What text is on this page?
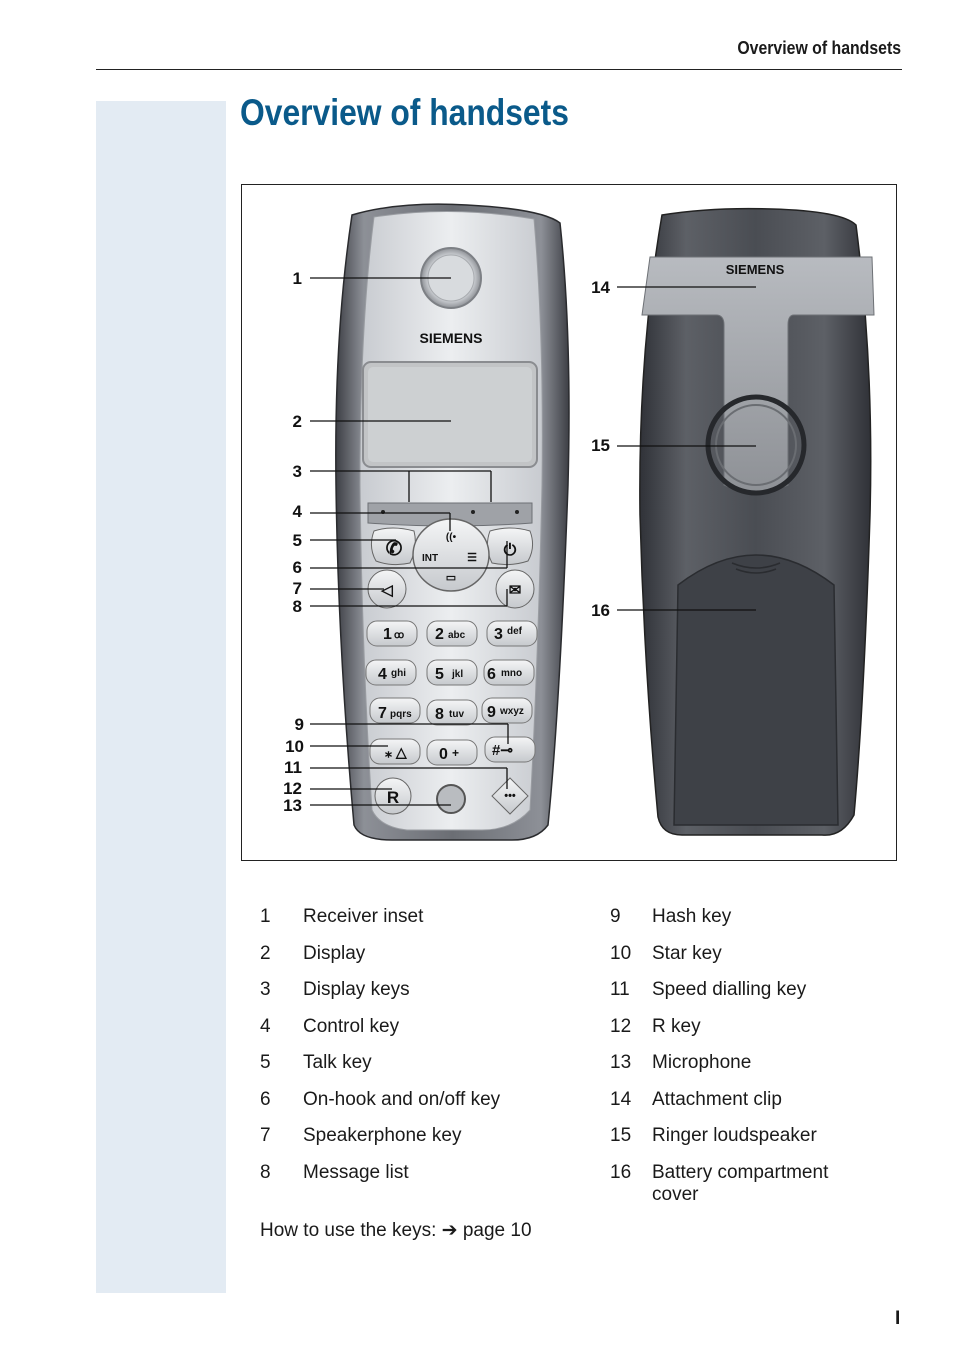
Overview of handsets
Overview of handsets
SIEMENS
✆	⏻
INT	☰
((•
▭
◁	✉
1 ꝏ 2 abc 3 def
4 ghi 5 jkl 6 mno
7 pqrs 8 tuv 9 wxyz
⁎ △ 0 + #⊸
R	•••
SIEMENS
1
2
3
4
5
6
7
8
9
10
11
12
13
14
15
16
1 Receiver inset
2 Display
3 Display keys
4 Control key
5 Talk key
6 On-hook and on/off key
7 Speakerphone key
8 Message list
9 Hash key
10 Star key
11 Speed dialling key
12 R key
13 Microphone
14 Attachment clip
15 Ringer loudspeaker
16 Battery compartment cover
How to use the keys: ➔ page 10
I
